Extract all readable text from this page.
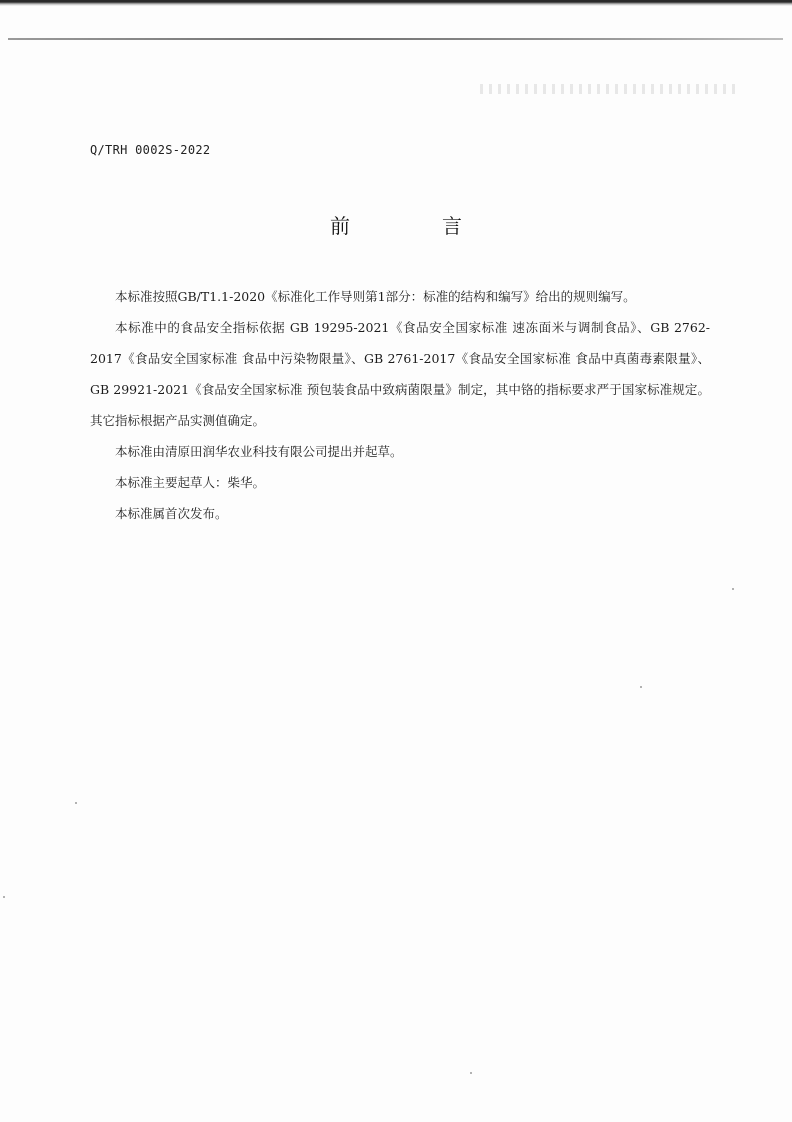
Q/TRH 0002S-2022
前　言

本标准按照GB/T1.1-2020《标准化工作导则第1部分：标准的结构和编写》给出的规则编写。

本标准中的食品安全指标依据 GB 19295-2021《食品安全国家标准 速冻面米与调制食品》、GB 2762-2017《食品安全国家标准 食品中污染物限量》、GB 2761-2017《食品安全国家标准 食品中真菌毒素限量》、GB 29921-2021《食品安全国家标准 预包装食品中致病菌限量》制定，其中铬的指标要求严于国家标准规定。其它指标根据产品实测值确定。

本标准由清原田润华农业科技有限公司提出并起草。

本标准主要起草人：柴华。

本标准属首次发布。
